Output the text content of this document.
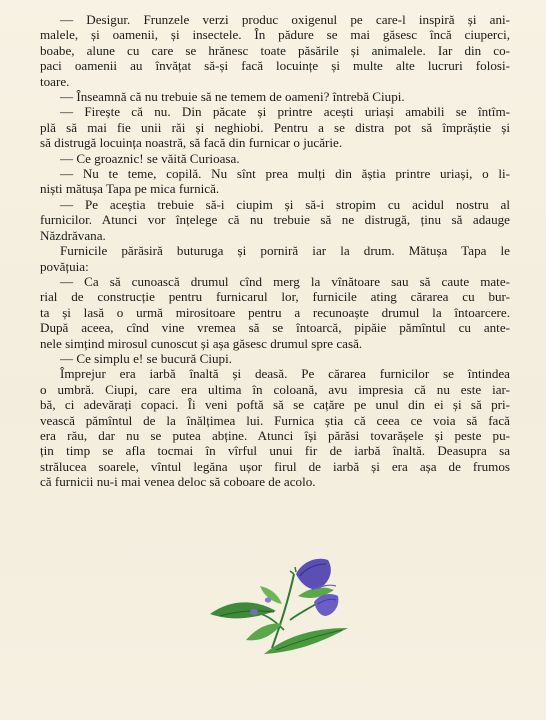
— Desigur. Frunzele verzi produc oxigenul pe care-l inspiră și ani-
malele, și oamenii, și insectele. În pădure se mai găsesc încă ciuperci,
boabe, alune cu care se hrănesc toate păsările și animalele. Iar din co-
paci oamenii au învățat să-și facă locuințe și multe alte lucruri folosi-
toare.
— Înseamnă că nu trebuie să ne temem de oameni? întrebă Ciupi.
— Firește că nu. Din păcate și printre acești uriași amabili se întîm-
plă să mai fie unii răi și neghiobi. Pentru a se distra pot să împrăștie și
să distrugă locuința noastră, să facă din furnicar o jucărie.
— Ce groaznic! se văită Curioasa.
— Nu te teme, copilă. Nu sînt prea mulți din ăștia printre uriași, o li-
niști mătușa Tapa pe mica furnică.
— Pe aceștia trebuie să-i ciupim și să-i stropim cu acidul nostru al
furnicilor. Atunci vor înțelege că nu trebuie să ne distrugă, ținu să adauge
Năzdrăvana.
Furnicile părăsiră buturuga și porniră iar la drum. Mătușa Tapa le
povățuia:
— Ca să cunoască drumul cînd merg la vînătoare sau să caute mate-
rial de construcție pentru furnicarul lor, furnicile ating cărarea cu bur-
ta și lasă o urmă mirositoare pentru a recunoaște drumul la întoarcere.
După aceea, cînd vine vremea să se întoarcă, pipăie pămîntul cu ante-
nele simțind mirosul cunoscut și așa găsesc drumul spre casă.
— Ce simplu e! se bucură Ciupi.
Împrejur era iarbă înaltă și deasă. Pe cărarea furnicilor se întindea
o umbră. Ciupi, care era ultima în coloană, avu impresia că nu este iar-
bă, ci adevărați copaci. Îi veni poftă să se cațăre pe unul din ei și să pri-
vească pămîntul de la înălțimea lui. Furnica știa că ceea ce voia să facă
era rău, dar nu se putea abține. Atunci își părăsi tovarășele și peste pu-
țin timp se afla tocmai în vîrful unui fir de iarbă înaltă. Deasupra sa
strălucea soarele, vîntul legăna ușor firul de iarbă și era așa de frumos
că furnicii nu-i mai venea deloc să coboare de acolo.
